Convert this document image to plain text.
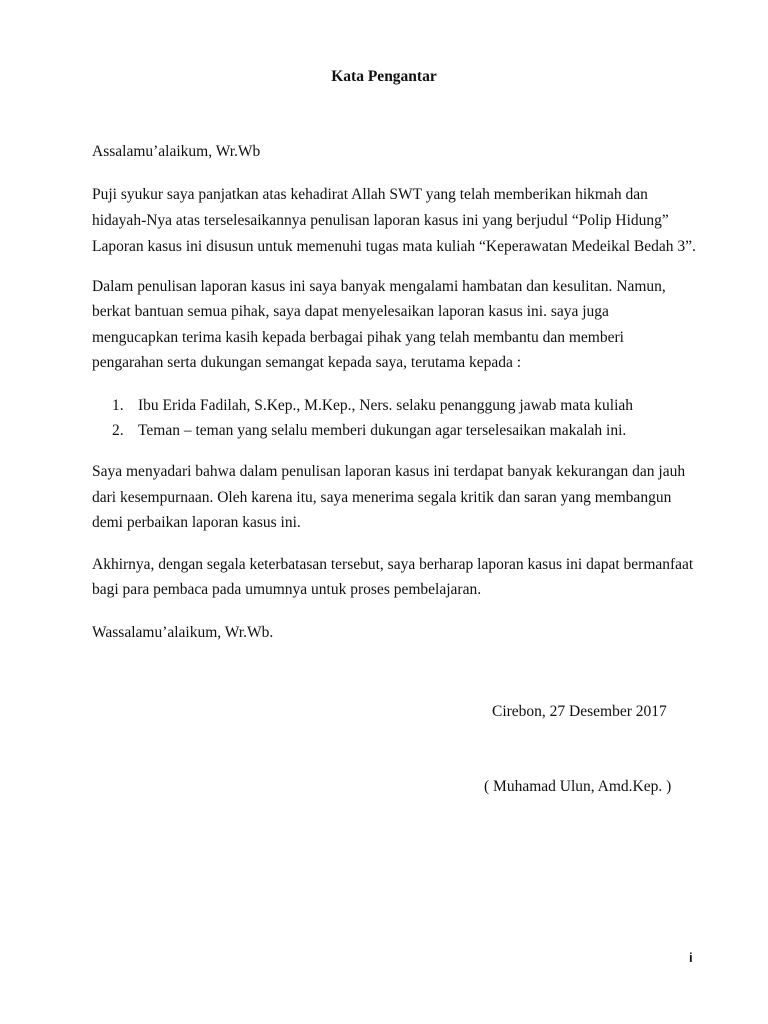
Kata Pengantar
Assalamu’alaikum, Wr.Wb
Puji syukur saya panjatkan atas kehadirat Allah SWT yang telah memberikan hikmah dan
hidayah-Nya atas terselesaikannya penulisan laporan kasus ini yang berjudul “Polip Hidung”
Laporan kasus ini disusun untuk memenuhi tugas mata kuliah “Keperawatan Medeikal Bedah 3”.
Dalam penulisan laporan kasus ini saya banyak mengalami hambatan dan kesulitan. Namun,
berkat bantuan semua pihak, saya dapat menyelesaikan laporan kasus ini. saya juga
mengucapkan terima kasih kepada berbagai pihak yang telah membantu dan memberi
pengarahan serta dukungan semangat kepada saya, terutama kepada :
1. Ibu Erida Fadilah, S.Kep., M.Kep., Ners. selaku penanggung jawab mata kuliah
2. Teman – teman yang selalu memberi dukungan agar terselesaikan makalah ini.
Saya menyadari bahwa dalam penulisan laporan kasus ini terdapat banyak kekurangan dan jauh
dari kesempurnaan. Oleh karena itu, saya menerima segala kritik dan saran yang membangun
demi perbaikan laporan kasus ini.
Akhirnya, dengan segala keterbatasan tersebut, saya berharap laporan kasus ini dapat bermanfaat
bagi para pembaca pada umumnya untuk proses pembelajaran.
Wassalamu’alaikum, Wr.Wb.
Cirebon, 27 Desember 2017
( Muhamad Ulun, Amd.Kep. )
i
